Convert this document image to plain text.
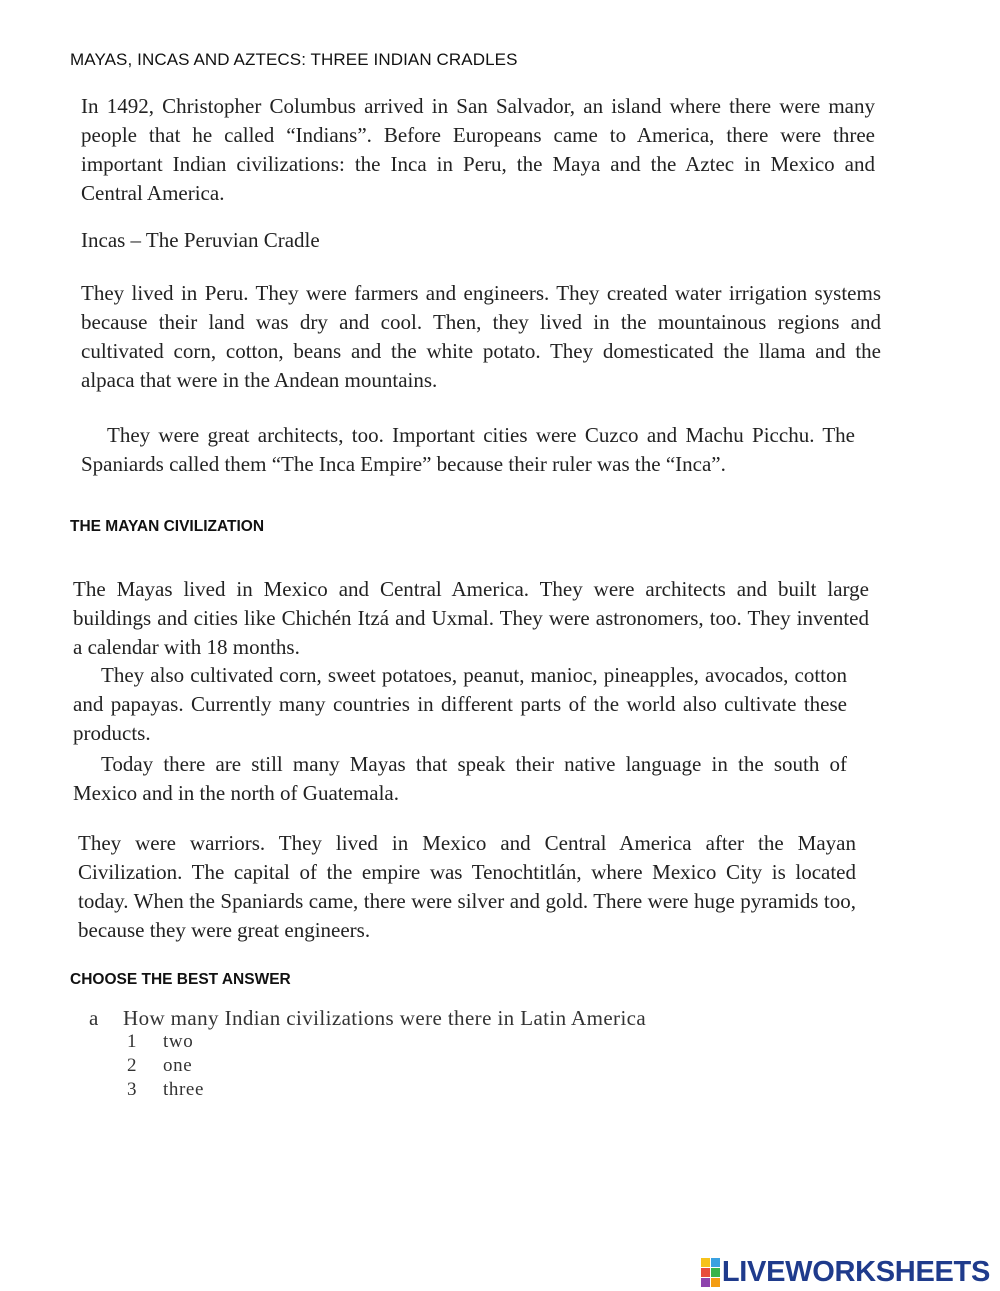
MAYAS, INCAS AND AZTECS: THREE INDIAN CRADLES
In 1492, Christopher Columbus arrived in San Salvador, an island where there were many people that he called “Indians”. Before Europeans came to America, there were three important Indian civilizations: the Inca in Peru, the Maya and the Aztec in Mexico and Central America.
Incas – The Peruvian Cradle
They lived in Peru. They were farmers and engineers. They created water irrigation systems because their land was dry and cool. Then, they lived in the mountainous regions and cultivated corn, cotton, beans and the white potato. They domesticated the llama and the alpaca that were in the Andean mountains.
They were great architects, too. Important cities were Cuzco and Machu Picchu. The Spaniards called them “The Inca Empire” because their ruler was the “Inca”.
THE MAYAN CIVILIZATION
The Mayas lived in Mexico and Central America. They were architects and built large buildings and cities like Chichén Itzá and Uxmal. They were astronomers, too. They invented a calendar with 18 months.
They also cultivated corn, sweet potatoes, peanut, manioc, pineapples, avocados, cotton and papayas. Currently many countries in different parts of the world also cultivate these products.
Today there are still many Mayas that speak their native language in the south of Mexico and in the north of Guatemala.
They were warriors. They lived in Mexico and Central America after the Mayan Civilization. The capital of the empire was Tenochtitlán, where Mexico City is located today. When the Spaniards came, there were silver and gold. There were huge pyramids too, because they were great engineers.
CHOOSE THE BEST ANSWER
a How many Indian civilizations were there in Latin America
1 two
2 one
3 three
LIVEWORKSHEETS
